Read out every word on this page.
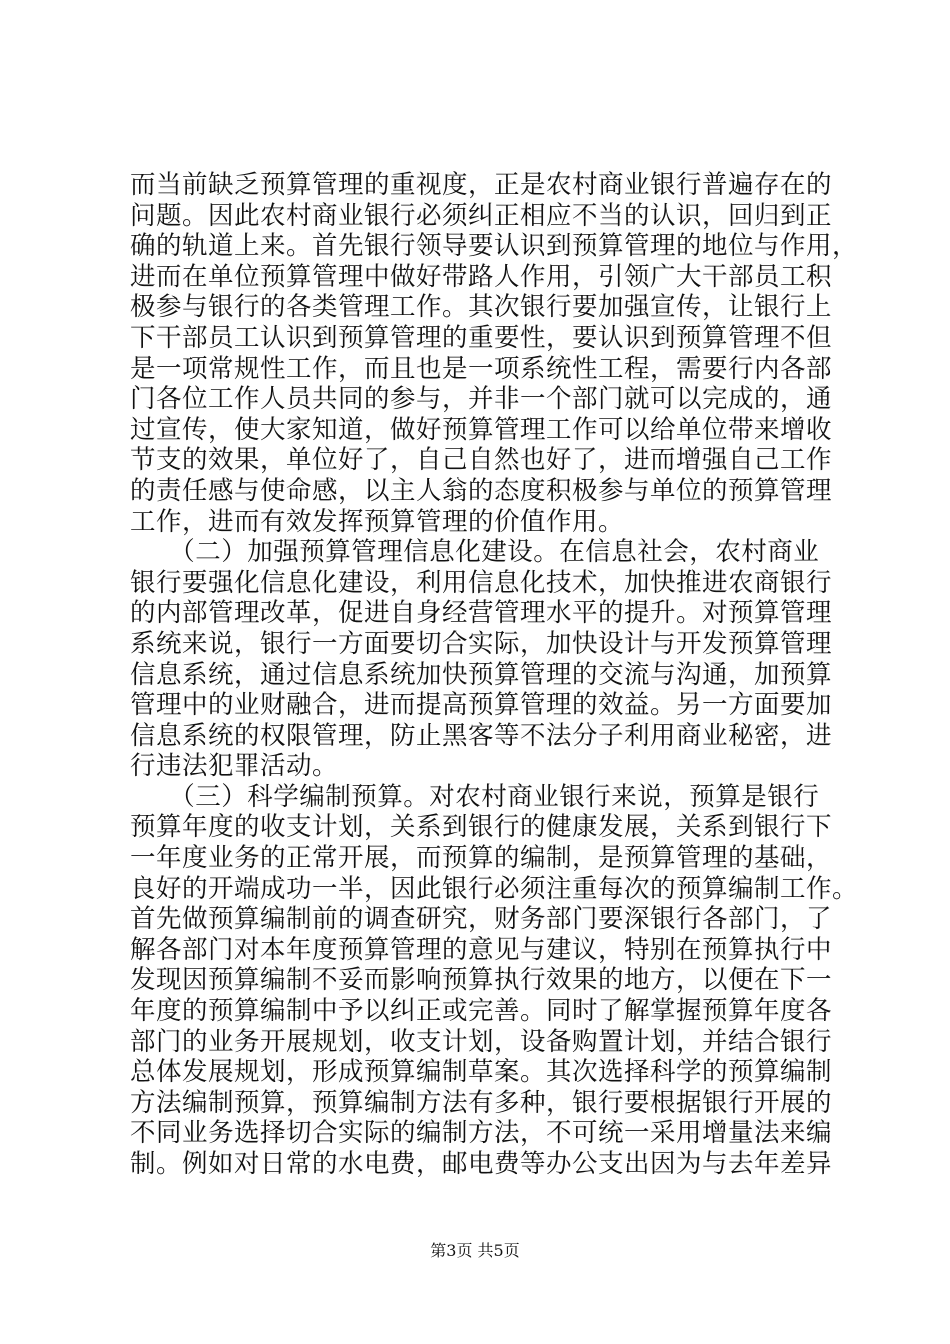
而当前缺乏预算管理的重视度，正是农村商业银行普遍存在的
问题。因此农村商业银行必须纠正相应不当的认识，回归到正
确的轨道上来。首先银行领导要认识到预算管理的地位与作用，
进而在单位预算管理中做好带路人作用，引领广大干部员工积
极参与银行的各类管理工作。其次银行要加强宣传，让银行上
下干部员工认识到预算管理的重要性，要认识到预算管理不但
是一项常规性工作，而且也是一项系统性工程，需要行内各部
门各位工作人员共同的参与，并非一个部门就可以完成的，通
过宣传，使大家知道，做好预算管理工作可以给单位带来增收
节支的效果，单位好了，自己自然也好了，进而增强自己工作
的责任感与使命感，以主人翁的态度积极参与单位的预算管理
工作，进而有效发挥预算管理的价值作用。
　　（二）加强预算管理信息化建设。在信息社会，农村商业
银行要强化信息化建设，利用信息化技术，加快推进农商银行
的内部管理改革，促进自身经营管理水平的提升。对预算管理
系统来说，银行一方面要切合实际，加快设计与开发预算管理
信息系统，通过信息系统加快预算管理的交流与沟通，加预算
管理中的业财融合，进而提高预算管理的效益。另一方面要加
信息系统的权限管理，防止黑客等不法分子利用商业秘密，进
行违法犯罪活动。
　　（三）科学编制预算。对农村商业银行来说，预算是银行
预算年度的收支计划，关系到银行的健康发展，关系到银行下
一年度业务的正常开展，而预算的编制，是预算管理的基础，
良好的开端成功一半，因此银行必须注重每次的预算编制工作。
首先做预算编制前的调查研究，财务部门要深银行各部门，了
解各部门对本年度预算管理的意见与建议，特别在预算执行中
发现因预算编制不妥而影响预算执行效果的地方，以便在下一
年度的预算编制中予以纠正或完善。同时了解掌握预算年度各
部门的业务开展规划，收支计划，设备购置计划，并结合银行
总体发展规划，形成预算编制草案。其次选择科学的预算编制
方法编制预算，预算编制方法有多种，银行要根据银行开展的
不同业务选择切合实际的编制方法，不可统一采用增量法来编
制。例如对日常的水电费，邮电费等办公支出因为与去年差异
第3页 共5页
